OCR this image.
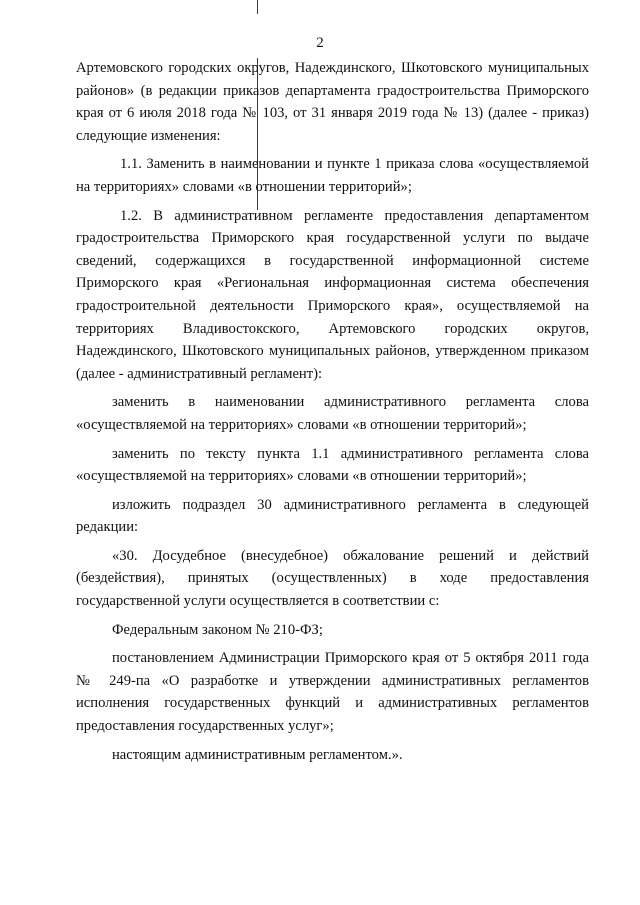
2

Артемовского городских округов, Надеждинского, Шкотовского муниципальных районов» (в редакции приказов департамента градостроительства Приморского края от 6 июля 2018 года № 103, от 31 января 2019 года № 13) (далее - приказ) следующие изменения:

1.1. Заменить в наименовании и пункте 1 приказа слова «осуществляемой на территориях» словами «в отношении территорий»;

1.2. В административном регламенте предоставления департаментом градостроительства Приморского края государственной услуги по выдаче сведений, содержащихся в государственной информационной системе Приморского края «Региональная информационная система обеспечения градостроительной деятельности Приморского края», осуществляемой на территориях Владивостокского, Артемовского городских округов, Надеждинского, Шкотовского муниципальных районов, утвержденном приказом (далее - административный регламент):

заменить в наименовании административного регламента слова «осуществляемой на территориях» словами «в отношении территорий»;

заменить по тексту пункта 1.1 административного регламента слова «осуществляемой на территориях» словами «в отношении территорий»;

изложить подраздел 30 административного регламента в следующей редакции:

«30. Досудебное (внесудебное) обжалование решений и действий (бездействия), принятых (осуществленных) в ходе предоставления государственной услуги осуществляется в соответствии с:

Федеральным законом № 210-ФЗ;

постановлением Администрации Приморского края от 5 октября 2011 года № 249-па «О разработке и утверждении административных регламентов исполнения государственных функций и административных регламентов предоставления государственных услуг»;

настоящим административным регламентом.».
